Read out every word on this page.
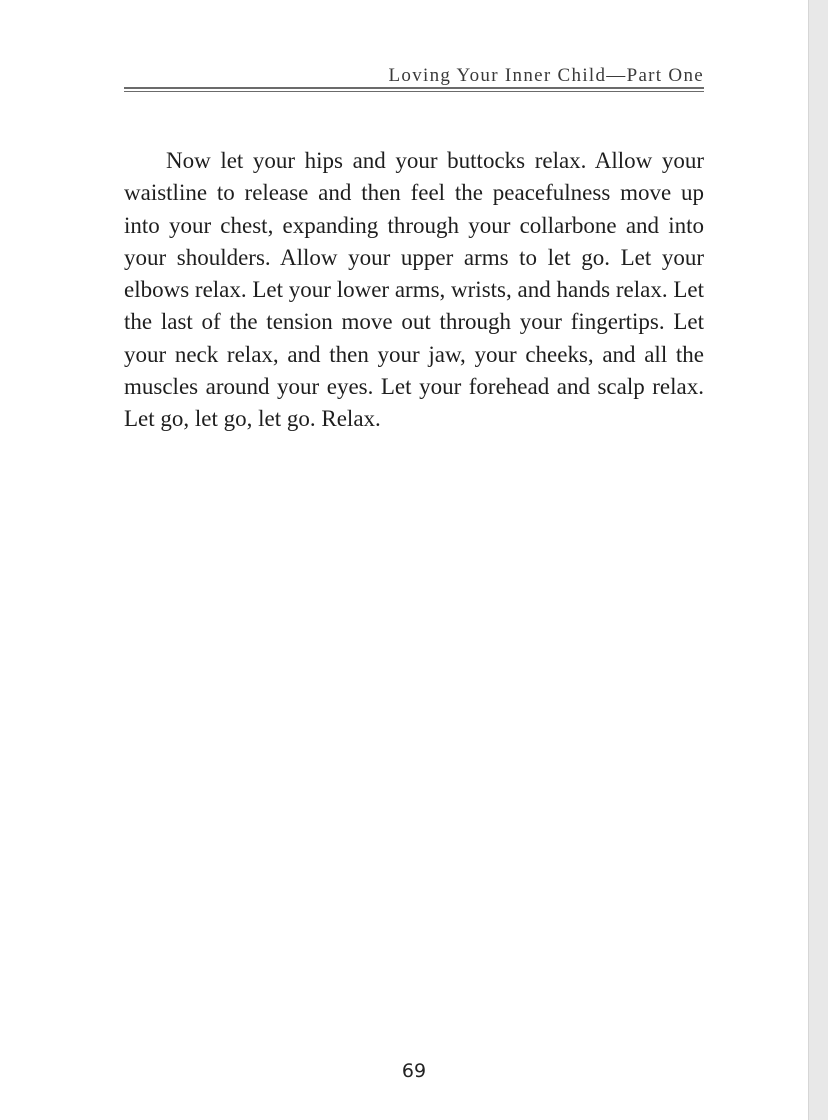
Loving Your Inner Child—Part One

Now let your hips and your buttocks relax. Allow your waistline to release and then feel the peacefulness move up into your chest, expanding through your collarbone and into your shoulders. Allow your upper arms to let go. Let your elbows relax. Let your lower arms, wrists, and hands relax. Let the last of the tension move out through your fingertips. Let your neck relax, and then your jaw, your cheeks, and all the muscles around your eyes. Let your forehead and scalp relax. Let go, let go, let go. Relax.

69
